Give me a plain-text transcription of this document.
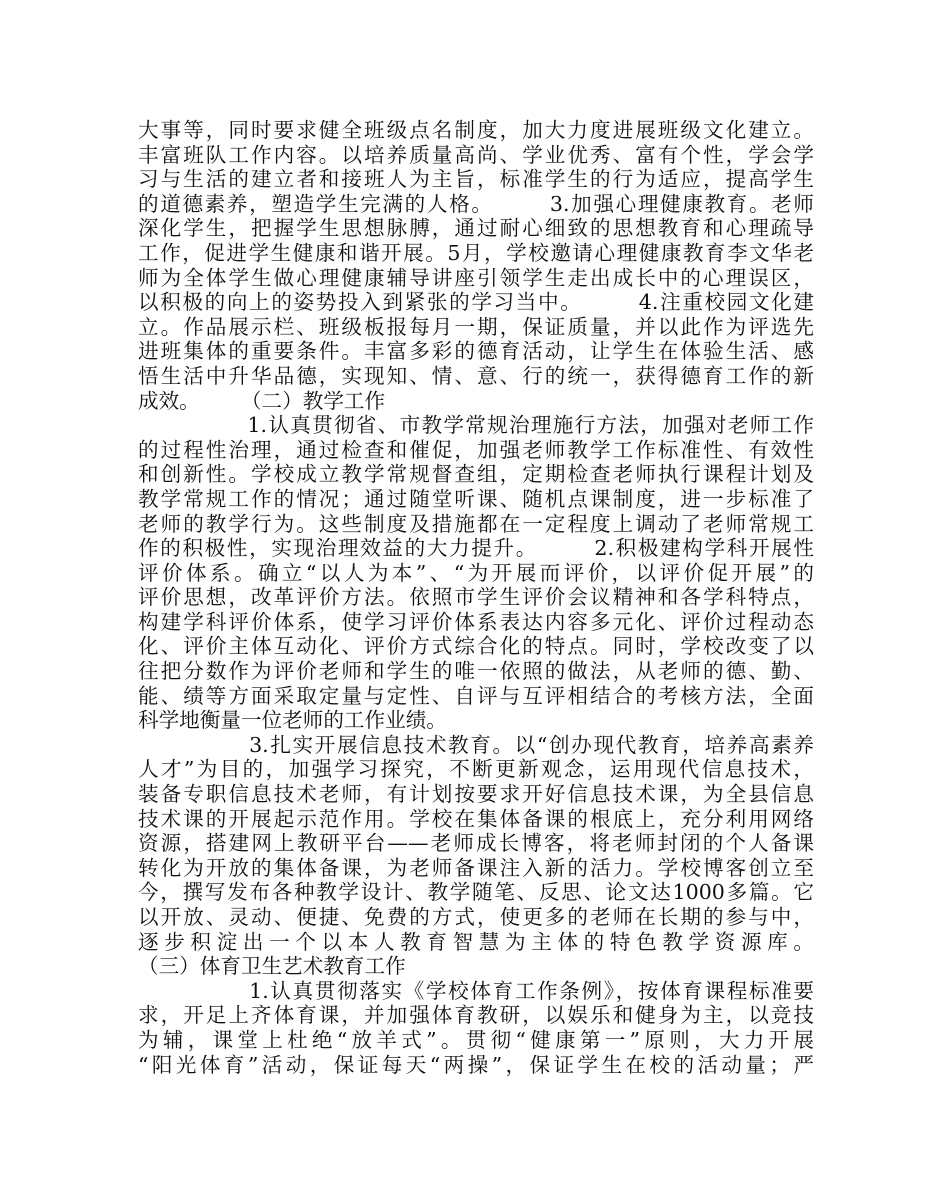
大事等，同时要求健全班级点名制度，加大力度进展班级文化建立。
丰富班队工作内容。以培养质量高尚、学业优秀、富有个性，学会学
习与生活的建立者和接班人为主旨，标准学生的行为适应，提高学生
的道德素养，塑造学生完满的人格。　　　3.加强心理健康教育。老师
深化学生，把握学生思想脉膊，通过耐心细致的思想教育和心理疏导
工作，促进学生健康和谐开展。5月，学校邀请心理健康教育李文华老
师为全体学生做心理健康辅导讲座引领学生走出成长中的心理误区，
以积极的向上的姿势投入到紧张的学习当中。　　　4.注重校园文化建
立。作品展示栏、班级板报每月一期，保证质量，并以此作为评选先
进班集体的重要条件。丰富多彩的德育活动，让学生在体验生活、感
悟生活中升华品德，实现知、情、意、行的统一，获得德育工作的新
成效。　　　（二）教学工作
　　　　　1.认真贯彻省、市教学常规治理施行方法，加强对老师工作
的过程性治理，通过检查和催促，加强老师教学工作标准性、有效性
和创新性。学校成立教学常规督查组，定期检查老师执行课程计划及
教学常规工作的情况；通过随堂听课、随机点课制度，进一步标准了
老师的教学行为。这些制度及措施都在一定程度上调动了老师常规工
作的积极性，实现治理效益的大力提升。　　　2.积极建构学科开展性
评价体系。确立“以人为本”、“为开展而评价，以评价促开展”的
评价思想，改革评价方法。依照市学生评价会议精神和各学科特点，
构建学科评价体系，使学习评价体系表达内容多元化、评价过程动态
化、评价主体互动化、评价方式综合化的特点。同时，学校改变了以
往把分数作为评价老师和学生的唯一依照的做法，从老师的德、勤、
能、绩等方面采取定量与定性、自评与互评相结合的考核方法，全面
科学地衡量一位老师的工作业绩。
　　　　　3.扎实开展信息技术教育。以“创办现代教育，培养高素养
人才”为目的，加强学习探究，不断更新观念，运用现代信息技术，
装备专职信息技术老师，有计划按要求开好信息技术课，为全县信息
技术课的开展起示范作用。学校在集体备课的根底上，充分利用网络
资源，搭建网上教研平台——老师成长博客，将老师封闭的个人备课
转化为开放的集体备课，为老师备课注入新的活力。学校博客创立至
今，撰写发布各种教学设计、教学随笔、反思、论文达1000多篇。它
以开放、灵动、便捷、免费的方式，使更多的老师在长期的参与中，
逐步积淀出一个以本人教育智慧为主体的特色教学资源库。
（三）体育卫生艺术教育工作
　　　　　1.认真贯彻落实《学校体育工作条例》，按体育课程标准要
求，开足上齐体育课，并加强体育教研，以娱乐和健身为主，以竞技
为辅，课堂上杜绝“放羊式”。贯彻“健康第一”原则，大力开展
“阳光体育”活动，保证每天“两操”，保证学生在校的活动量；严
